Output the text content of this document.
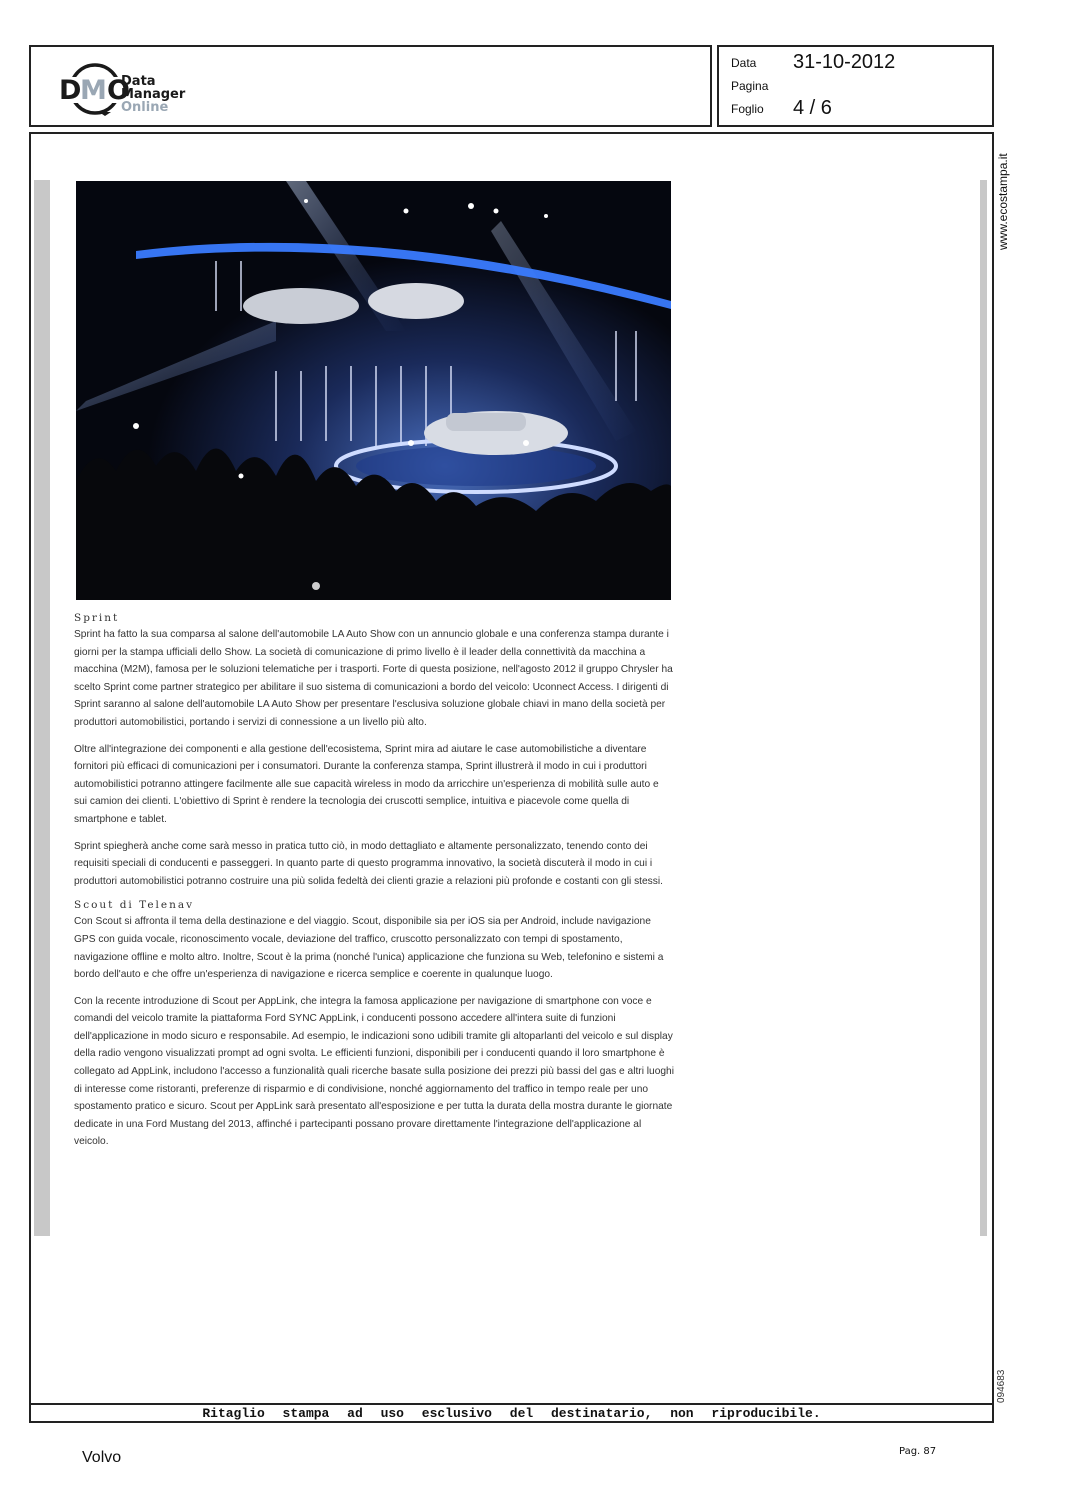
D
M O
Data
Manager
Online
Data 31-10-2012
Pagina
Foglio 4 / 6
www.ecostampa.it
094683
Sprint

Sprint ha fatto la sua comparsa al salone dell'automobile LA Auto Show con un annuncio globale e una conferenza stampa durante i giorni per la stampa ufficiali dello Show. La società di comunicazione di primo livello è il leader della connettività da macchina a macchina (M2M), famosa per le soluzioni telematiche per i trasporti. Forte di questa posizione, nell'agosto 2012 il gruppo Chrysler ha scelto Sprint come partner strategico per abilitare il suo sistema di comunicazioni a bordo del veicolo: Uconnect Access. I dirigenti di Sprint saranno al salone dell'automobile LA Auto Show per presentare l'esclusiva soluzione globale chiavi in mano della società per produttori automobilistici, portando i servizi di connessione a un livello più alto.

Oltre all'integrazione dei componenti e alla gestione dell'ecosistema, Sprint mira ad aiutare le case automobilistiche a diventare fornitori più efficaci di comunicazioni per i consumatori. Durante la conferenza stampa, Sprint illustrerà il modo in cui i produttori automobilistici potranno attingere facilmente alle sue capacità wireless in modo da arricchire un'esperienza di mobilità sulle auto e sui camion dei clienti. L'obiettivo di Sprint è rendere la tecnologia dei cruscotti semplice, intuitiva e piacevole come quella di smartphone e tablet.

Sprint spiegherà anche come sarà messo in pratica tutto ciò, in modo dettagliato e altamente personalizzato, tenendo conto dei requisiti speciali di conducenti e passeggeri. In quanto parte di questo programma innovativo, la società discuterà il modo in cui i produttori automobilistici potranno costruire una più solida fedeltà dei clienti grazie a relazioni più profonde e costanti con gli stessi.

Scout di Telenav

Con Scout si affronta il tema della destinazione e del viaggio. Scout, disponibile sia per iOS sia per Android, include navigazione GPS con guida vocale, riconoscimento vocale, deviazione del traffico, cruscotto personalizzato con tempi di spostamento, navigazione offline e molto altro. Inoltre, Scout è la prima (nonché l'unica) applicazione che funziona su Web, telefonino e sistemi a bordo dell'auto e che offre un'esperienza di navigazione e ricerca semplice e coerente in qualunque luogo.

Con la recente introduzione di Scout per AppLink, che integra la famosa applicazione per navigazione di smartphone con voce e comandi del veicolo tramite la piattaforma Ford SYNC AppLink, i conducenti possono accedere all'intera suite di funzioni dell'applicazione in modo sicuro e responsabile. Ad esempio, le indicazioni sono udibili tramite gli altoparlanti del veicolo e sul display della radio vengono visualizzati prompt ad ogni svolta. Le efficienti funzioni, disponibili per i conducenti quando il loro smartphone è collegato ad AppLink, includono l'accesso a funzionalità quali ricerche basate sulla posizione dei prezzi più bassi del gas e altri luoghi di interesse come ristoranti, preferenze di risparmio e di condivisione, nonché aggiornamento del traffico in tempo reale per uno spostamento pratico e sicuro. Scout per AppLink sarà presentato all'esposizione e per tutta la durata della mostra durante le giornate dedicate in una Ford Mustang del 2013, affinché i partecipanti possano provare direttamente l'integrazione dell'applicazione al veicolo.

Ritaglio stampa ad uso esclusivo del destinatario, non riproducibile.
Volvo	Pag. 87
